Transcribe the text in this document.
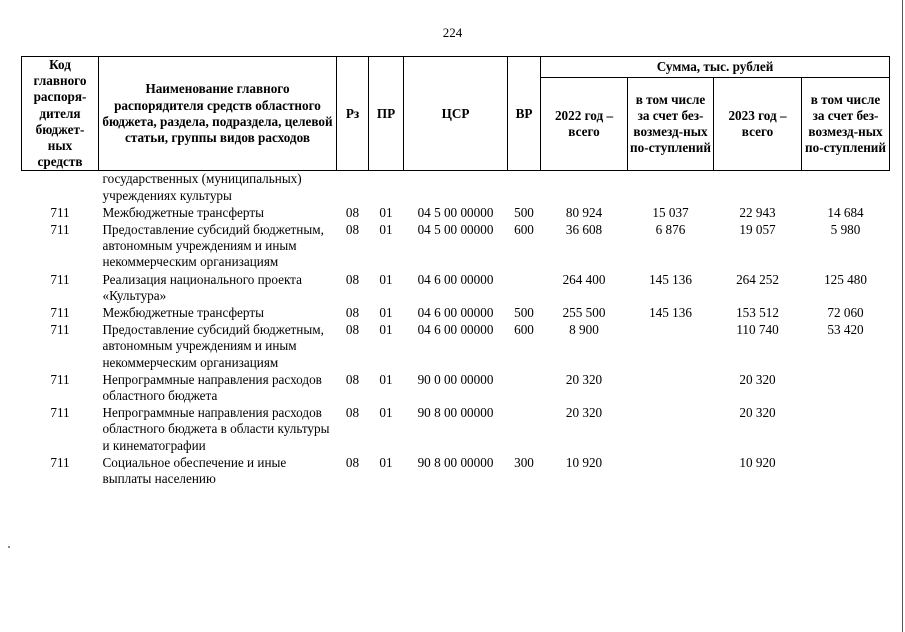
224
Код главного распоря-дителя бюджет-ных средств	Наименование главного распорядителя средств областного бюджета, раздела, подраздела, целевой статьи, группы видов расходов	Рз	ПР	ЦСР	ВР	Сумма, тыс. рублей			
						2022 год – всего	в том числе за счет без-возмезд-ных по-ступлений	2023 год – всего	в том числе за счет без-возмезд-ных по-ступлений
	государственных (муниципальных) учреждениях культуры								
711	Межбюджетные трансферты	08	01	04 5 00 00000	500	80 924	15 037	22 943	14 684
711	Предоставление субсидий бюджетным, автономным учреждениям и иным некоммерческим организациям	08	01	04 5 00 00000	600	36 608	6 876	19 057	5 980
711	Реализация национального проекта «Культура»	08	01	04 6 00 00000		264 400	145 136	264 252	125 480
711	Межбюджетные трансферты	08	01	04 6 00 00000	500	255 500	145 136	153 512	72 060
711	Предоставление субсидий бюджетным, автономным учреждениям и иным некоммерческим организациям	08	01	04 6 00 00000	600	8 900		110 740	53 420
711	Непрограммные направления расходов областного бюджета	08	01	90 0 00 00000		20 320		20 320	
711	Непрограммные направления расходов областного бюджета в области культуры и кинематографии	08	01	90 8 00 00000		20 320		20 320	
711	Социальное обеспечение и иные выплаты населению	08	01	90 8 00 00000	300	10 920		10 920	
